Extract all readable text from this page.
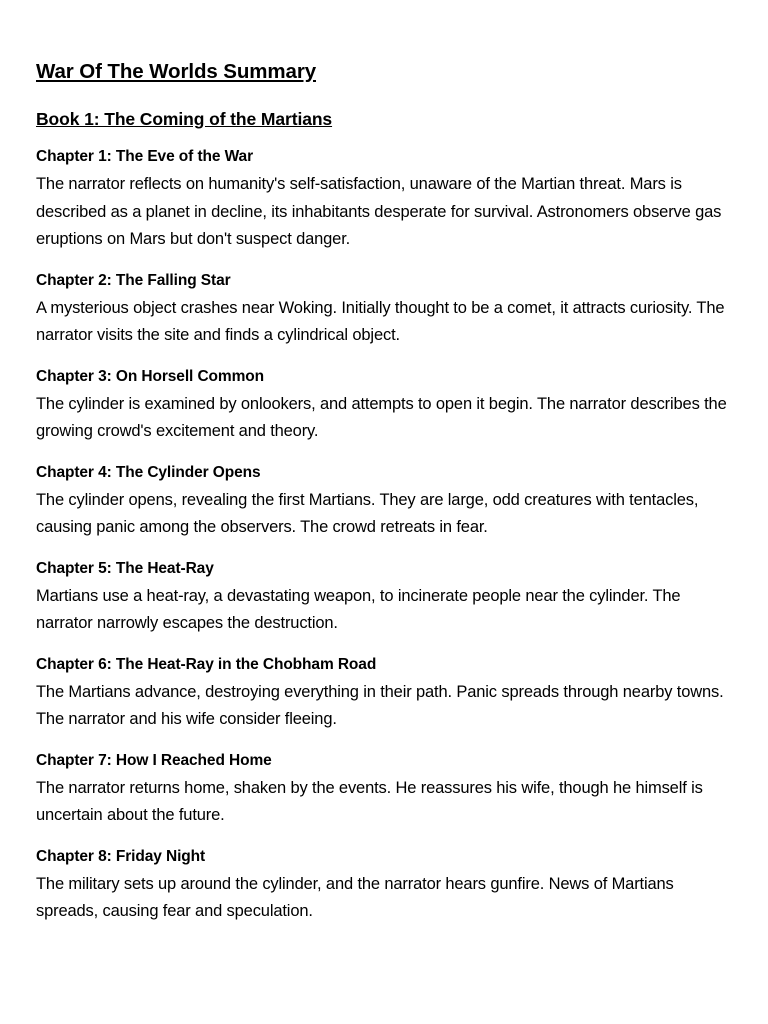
War Of The Worlds Summary
Book 1: The Coming of the Martians
Chapter 1: The Eve of the War

The narrator reflects on humanity's self-satisfaction, unaware of the Martian threat. Mars is described as a planet in decline, its inhabitants desperate for survival. Astronomers observe gas eruptions on Mars but don't suspect danger.

Chapter 2: The Falling Star

A mysterious object crashes near Woking. Initially thought to be a comet, it attracts curiosity. The narrator visits the site and finds a cylindrical object.

Chapter 3: On Horsell Common

The cylinder is examined by onlookers, and attempts to open it begin. The narrator describes the growing crowd's excitement and theory.

Chapter 4: The Cylinder Opens

The cylinder opens, revealing the first Martians. They are large, odd creatures with tentacles, causing panic among the observers. The crowd retreats in fear.

Chapter 5: The Heat-Ray

Martians use a heat-ray, a devastating weapon, to incinerate people near the cylinder. The narrator narrowly escapes the destruction.

Chapter 6: The Heat-Ray in the Chobham Road

The Martians advance, destroying everything in their path. Panic spreads through nearby towns. The narrator and his wife consider fleeing.

Chapter 7: How I Reached Home

The narrator returns home, shaken by the events. He reassures his wife, though he himself is uncertain about the future.

Chapter 8: Friday Night

The military sets up around the cylinder, and the narrator hears gunfire. News of Martians spreads, causing fear and speculation.
